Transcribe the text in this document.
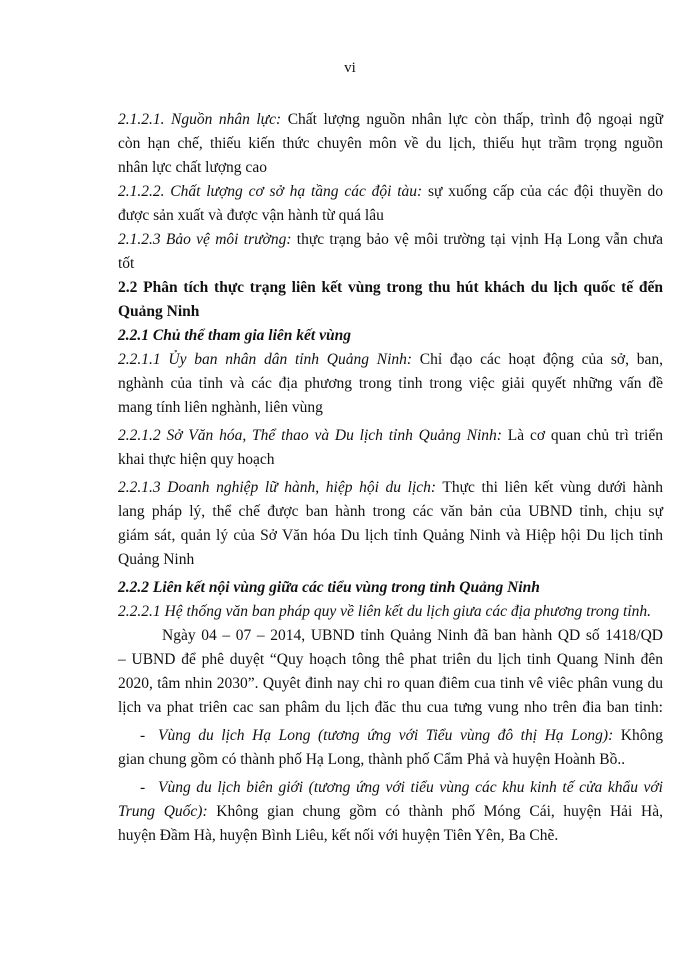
vi

2.1.2.1. Nguồn nhân lực: Chất lượng nguồn nhân lực còn thấp, trình độ ngoại ngữ

còn hạn chế, thiếu kiến thức chuyên môn về du lịch, thiếu hụt trầm trọng nguồn

nhân lực chất lượng cao

2.1.2.2. Chất lượng cơ sở hạ tầng các đội tàu: sự xuống cấp của các đội thuyền do

được sản xuất và được vận hành từ quá lâu

2.1.2.3 Bảo vệ môi trường: thực trạng bảo vệ môi trường tại vịnh Hạ Long vẫn chưa

tốt

2.2 Phân tích thực trạng liên kết vùng trong thu hút khách du lịch quốc tế đến

Quảng Ninh

2.2.1 Chủ thể tham gia liên kết vùng

2.2.1.1 Ủy ban nhân dân tỉnh Quảng Ninh: Chỉ đạo các hoạt động của sở, ban,

nghành của tỉnh và các địa phương trong tỉnh trong việc giải quyết những vấn đề

mang tính liên nghành, liên vùng

2.2.1.2 Sở Văn hóa, Thể thao và Du lịch tỉnh Quảng Ninh: Là cơ quan chủ trì triển

khai thực hiện quy hoạch

2.2.1.3 Doanh nghiệp lữ hành, hiệp hội du lịch: Thực thi liên kết vùng dưới hành

lang pháp lý, thể chế được ban hành trong các văn bản của UBND tỉnh, chịu sự

giám sát, quản lý của Sở Văn hóa Du lịch tỉnh Quảng Ninh và Hiệp hội Du lịch tỉnh

Quảng Ninh

2.2.2 Liên kết nội vùng giữa các tiểu vùng trong tỉnh Quảng Ninh

2.2.2.1 Hệ thống văn ban pháp quy về liên kết du lịch giưa các địa phương trong tỉnh.

Ngày 04 – 07 – 2014, UBND tỉnh Quảng Ninh đã ban hành QD số 1418/QD

– UBND để phê duyệt “Quy hoạch tông thê phat triên du lịch tinh Quang Ninh đên

2020, tâm nhin 2030”. Quyêt đinh nay chi ro quan điêm cua tinh vê viêc phân vung du

lịch va phat triên cac san phâm du lịch đăc thu cua tưng vung nho trên đia ban tinh:

- Vùng du lịch Hạ Long (tương ứng với Tiểu vùng đô thị Hạ Long): Không

gian chung gồm có thành phố Hạ Long, thành phố Cẩm Phả và huyện Hoành Bồ..

- Vùng du lịch biên giới (tương ứng với tiểu vùng các khu kinh tế cửa khẩu với

Trung Quốc): Không gian chung gồm có thành phố Móng Cái, huyện Hải Hà,

huyện Đầm Hà, huyện Bình Liêu, kết nối với huyện Tiên Yên, Ba Chẽ.
